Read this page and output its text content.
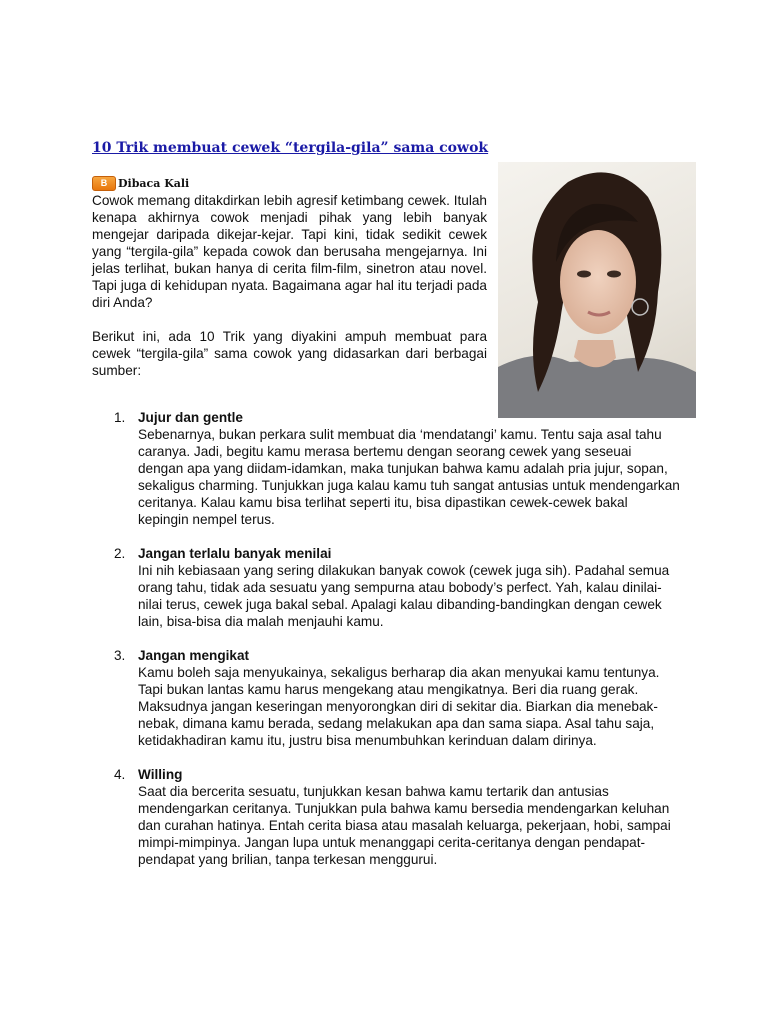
10 Trik membuat cewek “tergila-gila” sama cowok
B Dibaca Kali

Cowok memang ditakdirkan lebih agresif ketimbang cewek. Itulah kenapa akhirnya cowok menjadi pihak yang lebih banyak mengejar daripada dikejar-kejar. Tapi kini, tidak sedikit cewek yang “tergila-gila” kepada cowok dan berusaha mengejarnya. Ini jelas terlihat, bukan hanya di cerita film-film, sinetron atau novel. Tapi juga di kehidupan nyata. Bagaimana agar hal itu terjadi pada diri Anda?

Berikut ini, ada 10 Trik yang diyakini ampuh membuat para cewek “tergila-gila” sama cowok yang didasarkan dari berbagai sumber:

1. Jujur dan gentle
Sebenarnya, bukan perkara sulit membuat dia ‘mendatangi’ kamu. Tentu saja asal tahu caranya. Jadi, begitu kamu merasa bertemu dengan seorang cewek yang seseuai dengan apa yang diidam-idamkan, maka tunjukan bahwa kamu adalah pria jujur, sopan, sekaligus charming. Tunjukkan juga kalau kamu tuh sangat antusias untuk mendengarkan ceritanya. Kalau kamu bisa terlihat seperti itu, bisa dipastikan cewek-cewek bakal kepingin nempel terus.
2. Jangan terlalu banyak menilai
Ini nih kebiasaan yang sering dilakukan banyak cowok (cewek juga sih). Padahal semua orang tahu, tidak ada sesuatu yang sempurna atau bobody’s perfect. Yah, kalau dinilai-nilai terus, cewek juga bakal sebal. Apalagi kalau dibanding-bandingkan dengan cewek lain, bisa-bisa dia malah menjauhi kamu.
3. Jangan mengikat
Kamu boleh saja menyukainya, sekaligus berharap dia akan menyukai kamu tentunya. Tapi bukan lantas kamu harus mengekang atau mengikatnya. Beri dia ruang gerak. Maksudnya jangan keseringan menyorongkan diri di sekitar dia. Biarkan dia menebak-nebak, dimana kamu berada, sedang melakukan apa dan sama siapa. Asal tahu saja, ketidakhadiran kamu itu, justru bisa menumbuhkan kerinduan dalam dirinya.
4. Willing
Saat dia bercerita sesuatu, tunjukkan kesan bahwa kamu tertarik dan antusias mendengarkan ceritanya. Tunjukkan pula bahwa kamu bersedia mendengarkan keluhan dan curahan hatinya. Entah cerita biasa atau masalah keluarga, pekerjaan, hobi, sampai mimpi-mimpinya. Jangan lupa untuk menanggapi cerita-ceritanya dengan pendapat-pendapat yang brilian, tanpa terkesan menggurui.
